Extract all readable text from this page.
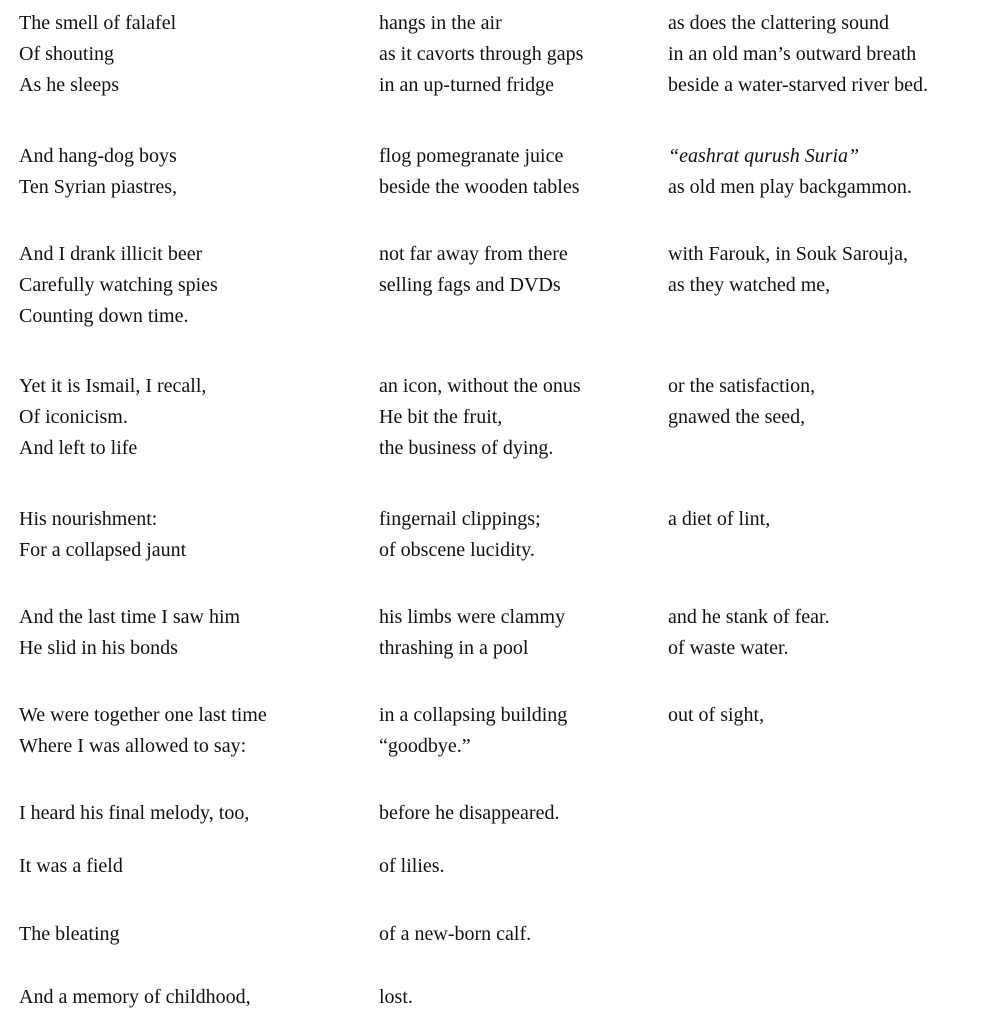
The smell of falafel	hangs in the air	as does the clattering sound
Of shouting	as it cavorts through gaps	in an old man’s outward breath
As he sleeps	in an up-turned fridge	beside a water-starved river bed.
And hang-dog boys	flog pomegranate juice	“eashrat qurush Suria”
Ten Syrian piastres,	beside the wooden tables	as old men play backgammon.
And I drank illicit beer	not far away from there	with Farouk, in Souk Sarouja,
Carefully watching spies	selling fags and DVDs	as they watched me,
Counting down time.
Yet it is Ismail, I recall,	an icon, without the onus	or the satisfaction,
Of iconicism.	He bit the fruit,	gnawed the seed,
And left to life	the business of dying.
His nourishment:	fingernail clippings;	a diet of lint,
For a collapsed jaunt	of obscene lucidity.
And the last time I saw him	his limbs were clammy	and he stank of fear.
He slid in his bonds	thrashing in a pool	of waste water.
We were together one last time	in a collapsing building	out of sight,
Where I was allowed to say:	“goodbye.”
I heard his final melody, too,	before he disappeared.
It was a field	of lilies.
The bleating	of a new-born calf.
And a memory of childhood,	lost.
